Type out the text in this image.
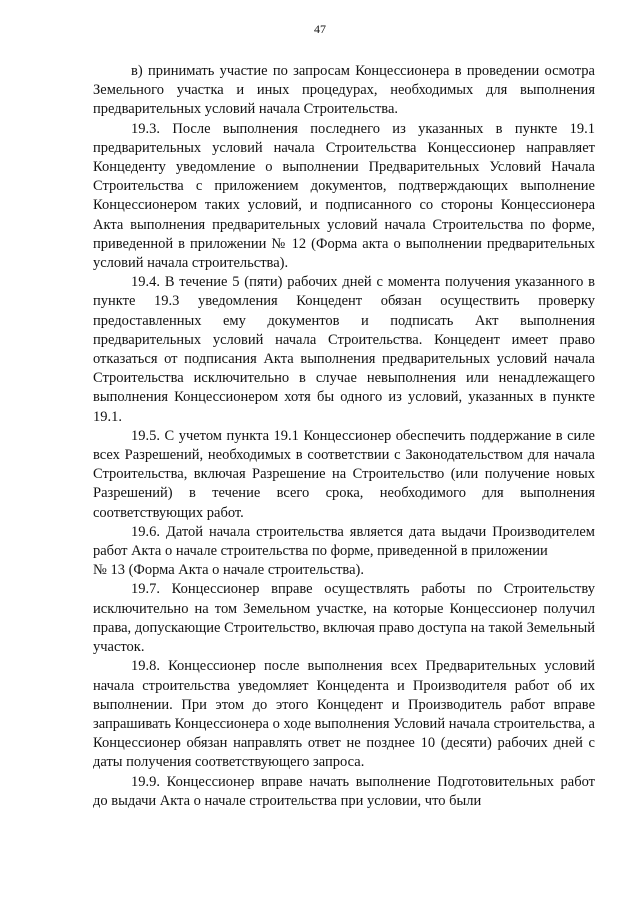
47

в) принимать участие по запросам Концессионера в проведении осмотра Земельного участка и иных процедурах, необходимых для выполнения предварительных условий начала Строительства.

19.3. После выполнения последнего из указанных в пункте 19.1 предварительных условий начала Строительства Концессионер направляет Концеденту уведомление о выполнении Предварительных Условий Начала Строительства с приложением документов, подтверждающих выполнение Концессионером таких условий, и подписанного со стороны Концессионера Акта выполнения предварительных условий начала Строительства по форме, приведенной в приложении № 12 (Форма акта о выполнении предварительных условий начала строительства).

19.4. В течение 5 (пяти) рабочих дней с момента получения указанного в пункте 19.3 уведомления Концедент обязан осуществить проверку предоставленных ему документов и подписать Акт выполнения предварительных условий начала Строительства. Концедент имеет право отказаться от подписания Акта выполнения предварительных условий начала Строительства исключительно в случае невыполнения или ненадлежащего выполнения Концессионером хотя бы одного из условий, указанных в пункте 19.1.

19.5. С учетом пункта 19.1 Концессионер обеспечить поддержание в силе всех Разрешений, необходимых в соответствии с Законодательством для начала Строительства, включая Разрешение на Строительство (или получение новых Разрешений) в течение всего срока, необходимого для выполнения соответствующих работ.

19.6. Датой начала строительства является дата выдачи Производителем работ Акта о начале строительства по форме, приведенной в приложении

№ 13 (Форма Акта о начале строительства).

19.7. Концессионер вправе осуществлять работы по Строительству исключительно на том Земельном участке, на которые Концессионер получил права, допускающие Строительство, включая право доступа на такой Земельный участок.

19.8. Концессионер после выполнения всех Предварительных условий начала строительства уведомляет Концедента и Производителя работ об их выполнении. При этом до этого Концедент и Производитель работ вправе запрашивать Концессионера о ходе выполнения Условий начала строительства, а Концессионер обязан направлять ответ не позднее 10 (десяти) рабочих дней с даты получения соответствующего запроса.

19.9. Концессионер вправе начать выполнение Подготовительных работ до выдачи Акта о начале строительства при условии, что были
